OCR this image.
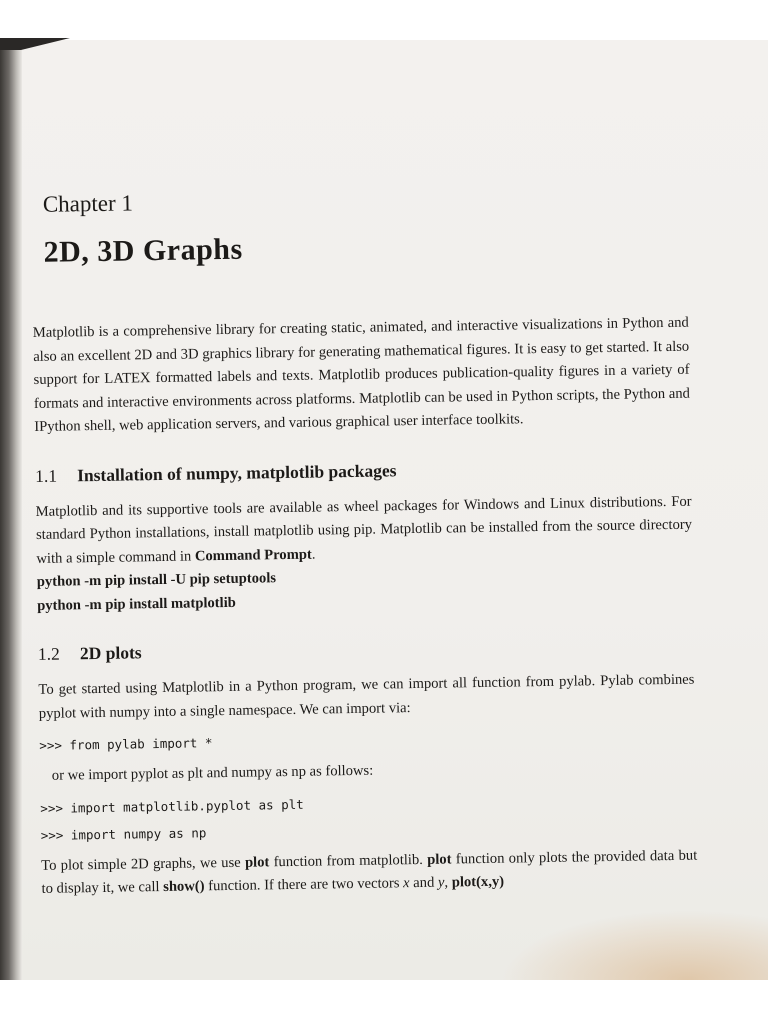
Chapter 1
2D, 3D Graphs

Matplotlib is a comprehensive library for creating static, animated, and interactive visualizations in Python and also an excellent 2D and 3D graphics library for generating mathematical figures. It is easy to get started. It also support for LATEX formatted labels and texts. Matplotlib produces publication-quality figures in a variety of formats and interactive environments across platforms. Matplotlib can be used in Python scripts, the Python and IPython shell, web application servers, and various graphical user interface toolkits.

1.1 Installation of numpy, matplotlib packages

Matplotlib and its supportive tools are available as wheel packages for Windows and Linux distributions. For standard Python installations, install matplotlib using pip. Matplotlib can be installed from the source directory with a simple command in Command Prompt.

python -m pip install -U pip setuptools
python -m pip install matplotlib
1.2 2D plots

To get started using Matplotlib in a Python program, we can import all function from pylab. Pylab combines pyplot with numpy into a single namespace. We can import via:

>>> from pylab import *

or we import pyplot as plt and numpy as np as follows:

>>> import matplotlib.pyplot as plt
>>> import numpy as np

To plot simple 2D graphs, we use plot function from matplotlib. plot function only plots the provided data but to display it, we call show() function. If there are two vectors x and y, plot(x,y)
